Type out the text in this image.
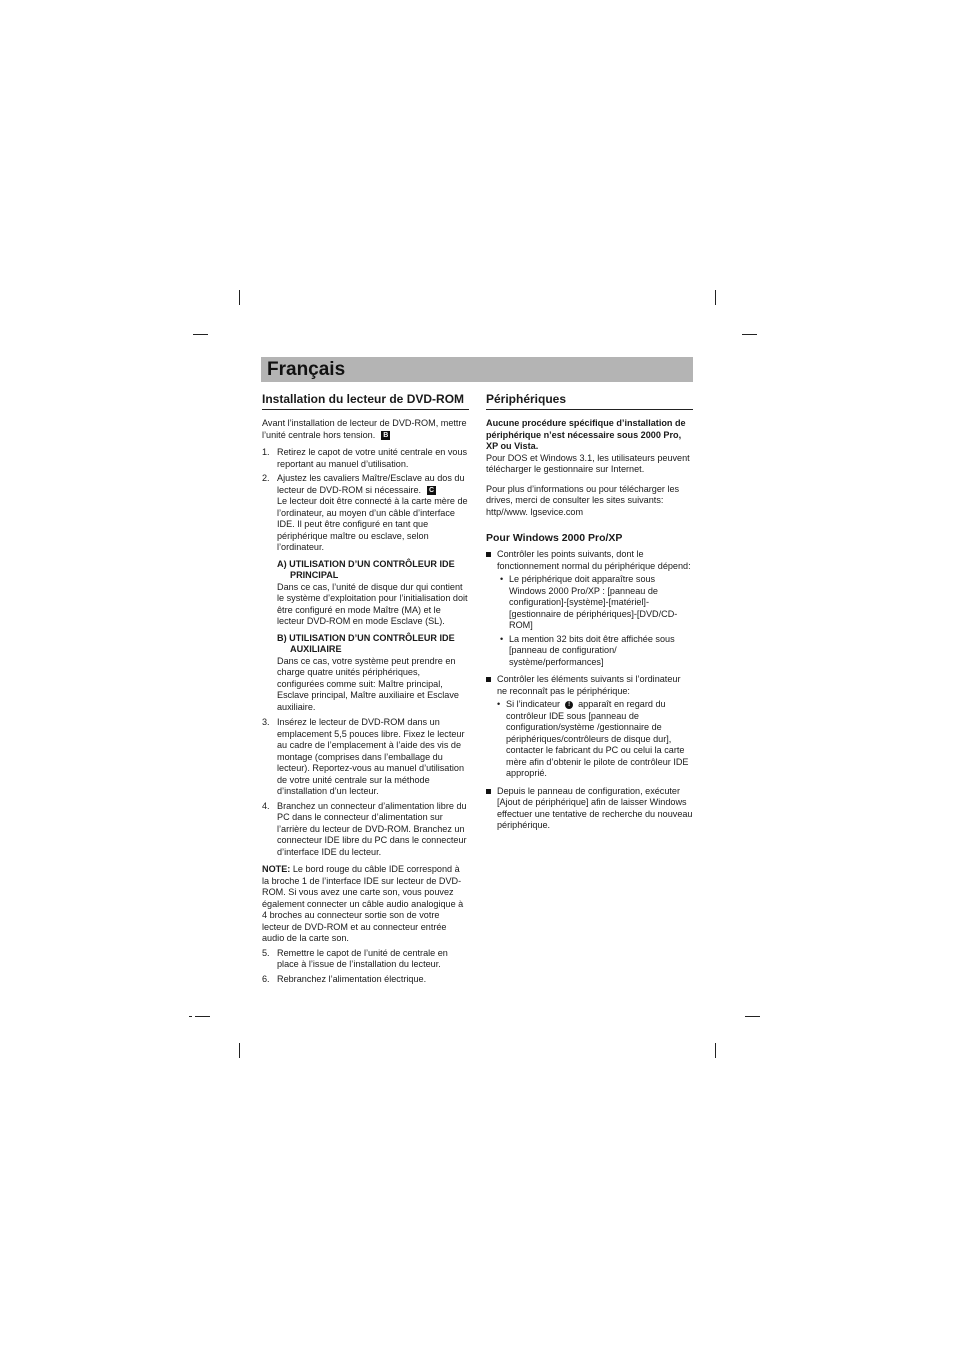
Français
Installation du lecteur de DVD-ROM

Avant l’installation de lecteur de DVD-ROM, mettre l’unité centrale hors tension. B

1. Retirez le capot de votre unité centrale en vous reportant au manuel d’utilisation.
2. Ajustez les cavaliers Maître/Esclave au dos du lecteur de DVD-ROM si nécessaire. C
Le lecteur doit être connecté à la carte mère de l’ordinateur, au moyen d’un câble d’interface IDE. Il peut être configuré en tant que périphérique maître ou esclave, selon l’ordinateur.
A) UTILISATION D’UN CONTRÔLEUR IDE PRINCIPAL
Dans ce cas, l’unité de disque dur qui contient le système d’exploitation pour l’initialisation doit être configuré en mode Maître (MA) et le lecteur DVD-ROM en mode Esclave (SL).
B) UTILISATION D’UN CONTRÔLEUR IDE AUXILIAIRE
Dans ce cas, votre système peut prendre en charge quatre unités périphériques, configurées comme suit: Maître principal, Esclave principal, Maître auxiliaire et Esclave auxiliaire.
3. Insérez le lecteur de DVD-ROM dans un emplacement 5,5 pouces libre. Fixez le lecteur au cadre de l’emplacement à l’aide des vis de montage (comprises dans l’emballage du lecteur). Reportez-vous au manuel d’utilisation de votre unité centrale sur la méthode d’installation d’un lecteur.
4. Branchez un connecteur d’alimentation libre du PC dans le connecteur d’alimentation sur l’arrière du lecteur de DVD-ROM. Branchez un connecteur IDE libre du PC dans le connecteur d’interface IDE du lecteur.

NOTE: Le bord rouge du câble IDE correspond à la broche 1 de l’interface IDE sur lecteur de DVD-ROM. Si vous avez une carte son, vous pouvez également connecter un câble audio analogique à 4 broches au connecteur sortie son de votre lecteur de DVD-ROM et au connecteur entrée audio de la carte son.

5. Remettre le capot de l’unité de centrale en place à l’issue de l’installation du lecteur.
6. Rebranchez l’alimentation électrique.
Périphériques

Aucune procédure spécifique d’installation de périphérique n’est nécessaire sous 2000 Pro, XP ou Vista.

Pour DOS et Windows 3.1, les utilisateurs peuvent télécharger le gestionnaire sur Internet.

Pour plus d’informations ou pour télécharger les drives, merci de consulter les sites suivants: http//www. lgsevice.com

Pour Windows 2000 Pro/XP
Contrôler les points suivants, dont le fonctionnement normal du périphérique dépend:
• Le périphérique doit apparaître sous Windows 2000 Pro/XP : [panneau de configuration]-[système]-[matériel]-[gestionnaire de périphériques]-[DVD/CD-ROM]
• La mention 32 bits doit être affichée sous [panneau de configuration/ système/performances]
Contrôler les éléments suivants si l’ordinateur ne reconnaît pas le périphérique:
• Si l’indicateur ! apparaît en regard du contrôleur IDE sous [panneau de configuration/système /gestionnaire de périphériques/contrôleurs de disque dur], contacter le fabricant du PC ou celui la carte mère afin d’obtenir le pilote de contrôleur IDE approprié.
Depuis le panneau de configuration, exécuter [Ajout de périphérique] afin de laisser Windows effectuer une tentative de recherche du nouveau périphérique.
